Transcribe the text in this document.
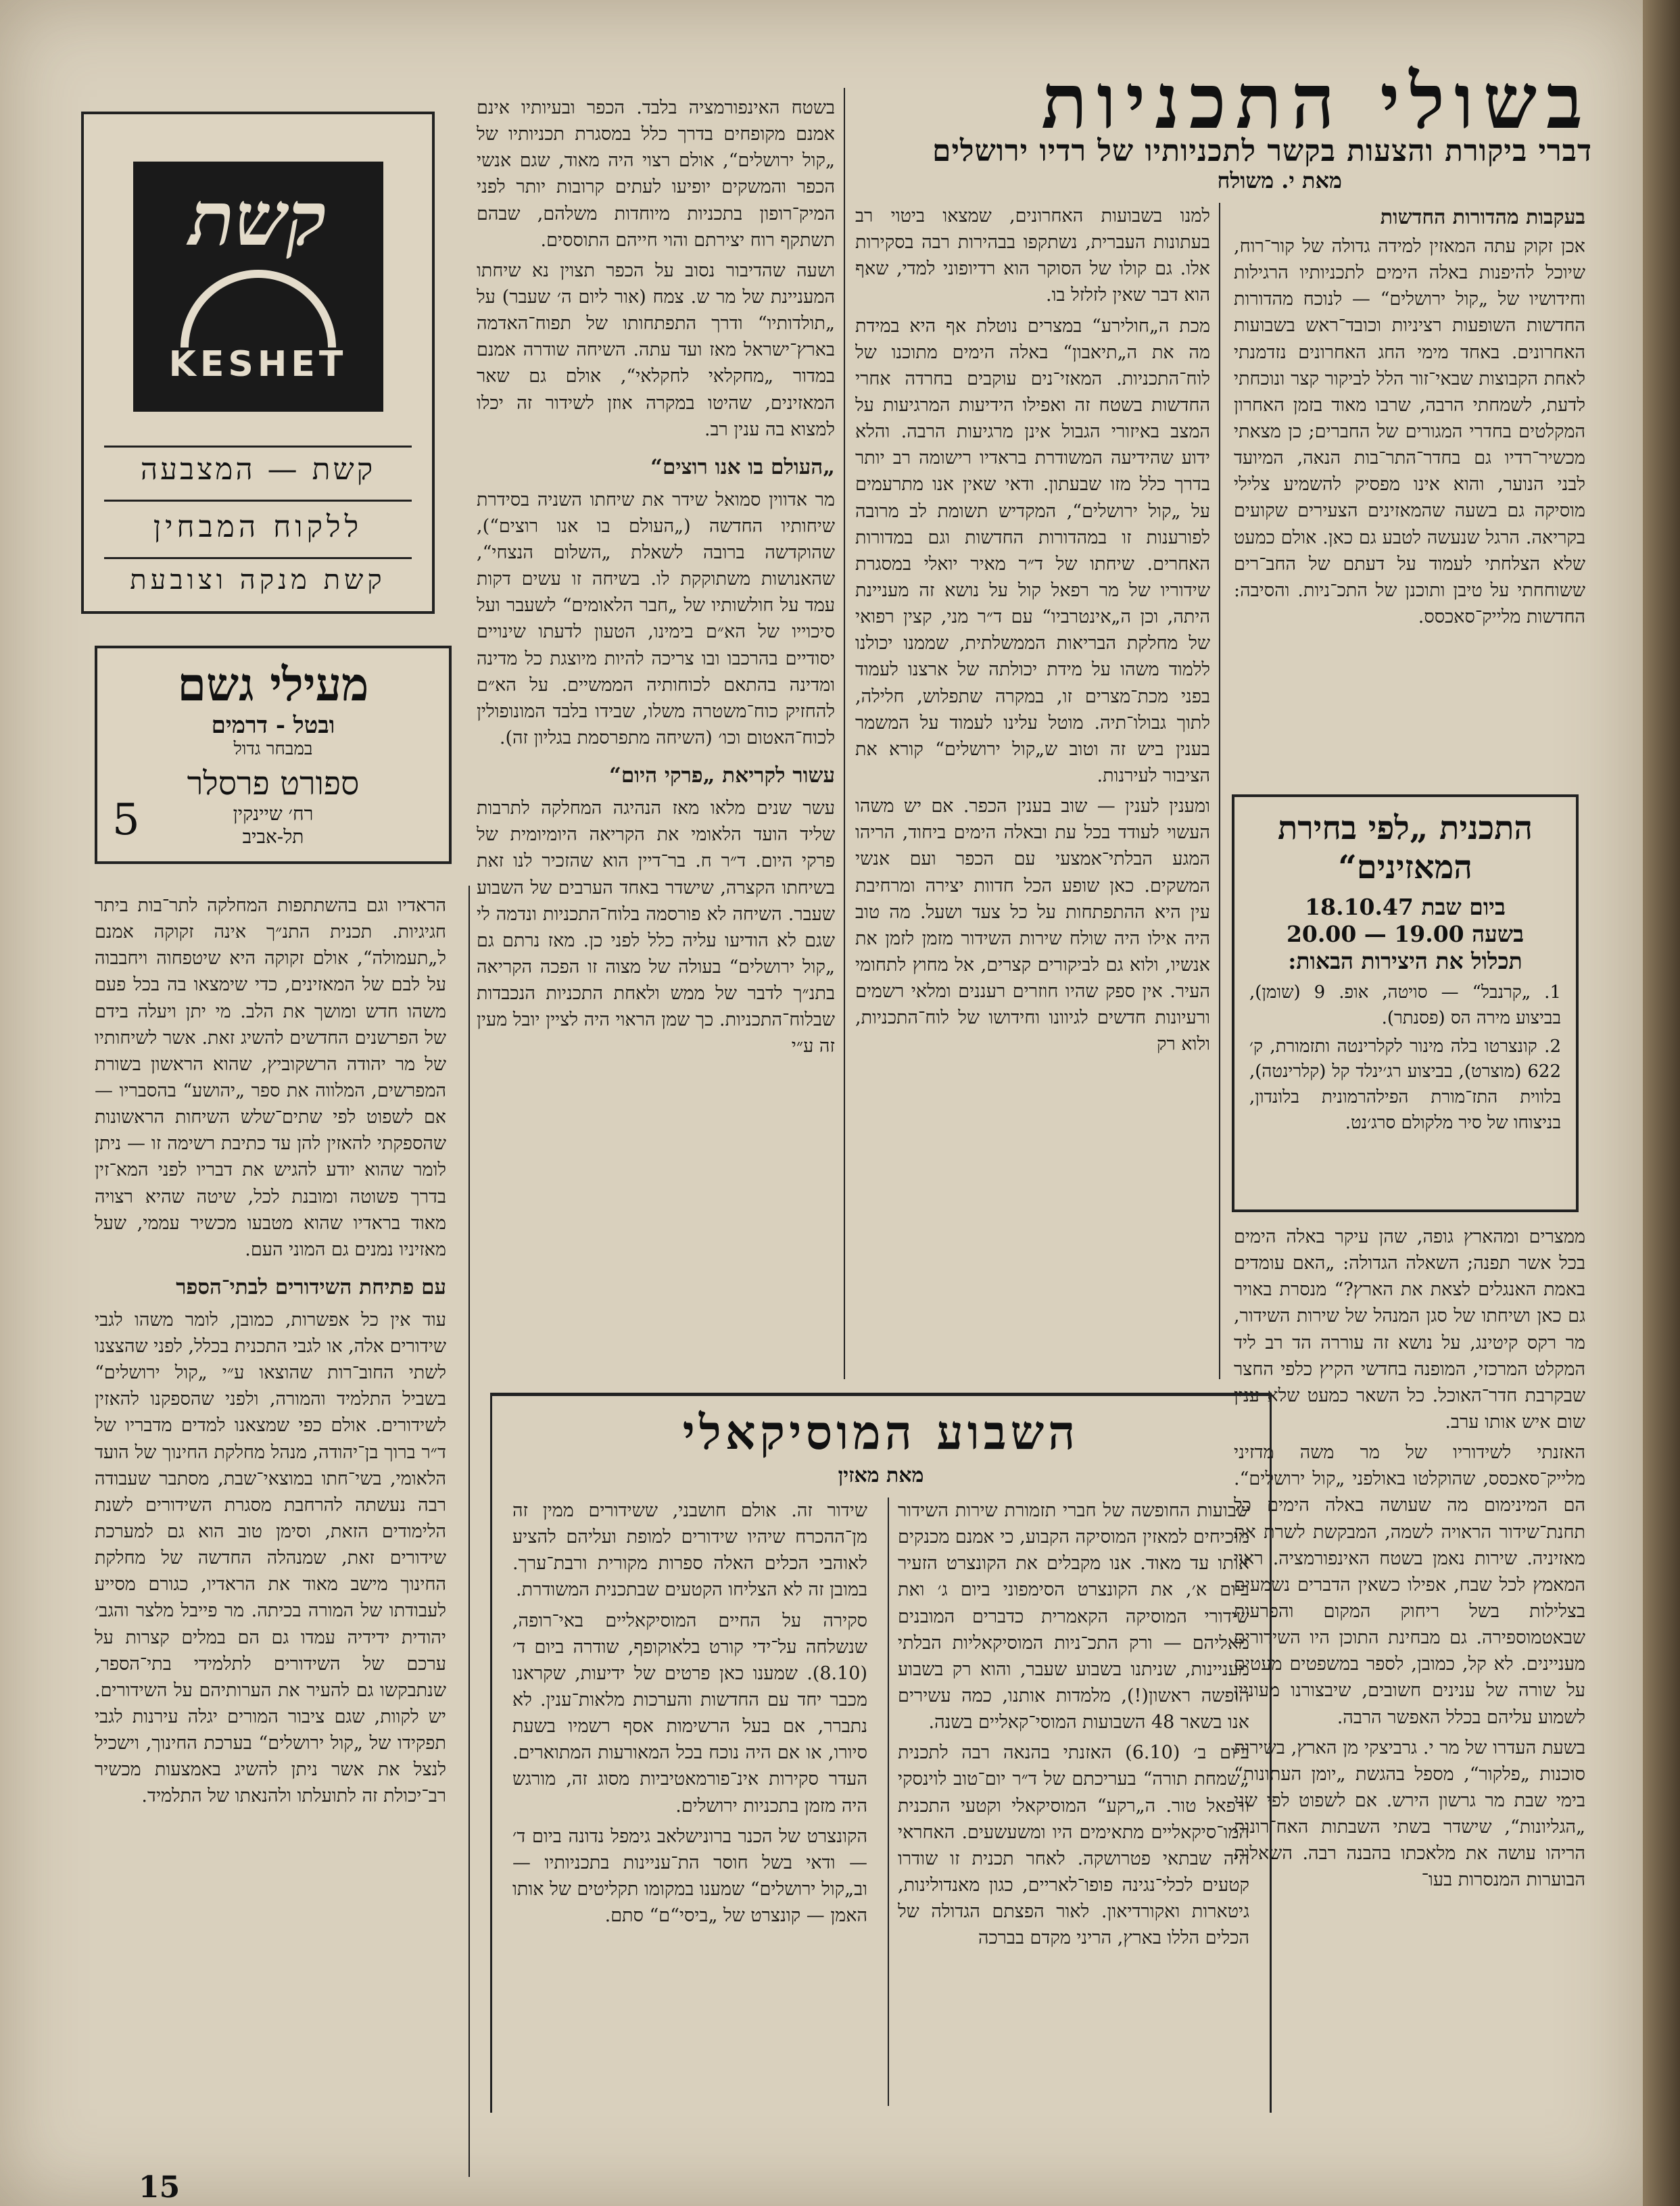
בשולי התכניות
דברי ביקורת והצעות בקשר לתכניותיו של רדיו ירושלים
מאת י. משולח

בעקבות מהדורות החדשות

התכנית „לפי בחירת המאזינים“
ביום שבת 18.10.47
בשעה 19.00 — 20.00
תכלול את היצירות הבאות:
1. „קרנבל“ — סויטה, אופ. 9 (שומן), בביצוע מירה הס (פסנתר).
2. קונצרטו בלה מינור לקלרינטה ותזמורת, ק׳ 622 (מוצרט), בביצוע רג׳ינלד קל (קלרינטה), בלווית התז־מורת הפילהרמונית בלונדון, בניצוחו של סיר מלקולם סרג׳נט.

אכן זקוק עתה המאזין למידה גדולה של קור־רוח, שיוכל להיפנות באלה הימים לתכניותיו הרגילות וחידושיו של „קול ירושלים“ — לנוכח מהדורות החדשות השופעות רציניות וכובד־ראש בשבועות האחרונים. באחד מימי החג האחרונים נזדמנתי לאחת הקבוצות שבאי־זור הלל לביקור קצר ונוכחתי לדעת, לשמחתי הרבה, שרבו מאוד בזמן האחרון המקלטים בחדרי המגורים של החברים; כן מצאתי מכשיר־רדיו גם בחדר־התר־בות הנאה, המיועד לבני הנוער, והוא אינו מפסיק להשמיע צלילי מוסיקה גם בשעה שהמאזינים הצעירים שקועים בקריאה. הרגל שנעשה לטבע גם כאן. אולם כמעט שלא הצלחתי לעמוד על דעתם של החב־רים ששוחחתי על טיבן ותוכנן של התכ־ניות. והסיבה: החדשות מלייק־סאכסס.

ממצרים ומהארץ גופה, שהן עיקר באלה הימים בכל אשר תפנה; השאלה הגדולה: „האם עומדים באמת האנגלים לצאת את הארץ?“ מנסרת באויר גם כאן ושיחתו של סגן המנהל של שירות השידור, מר רקס קיטינג, על נושא זה עוררה הד רב ליד המקלט המרכזי, המופנה בחדשי הקיץ כלפי החצר שבקרבת חדר־האוכל. כל השאר כמעט שלא ענין שום איש אותו ערב.

האזנתי לשידוריו של מר משה מדזיני מלייק־סאכסס, שהוקלטו באולפני „קול ירושלים“. הם המינימום מה שעושה באלה הימים כל תחנת־שידור הראויה לשמה, המבקשת לשרת את מאזיניה. שירות נאמן בשטח האינפורמציה. ראוי המאמץ לכל שבח, אפילו כשאין הדברים נשמעים בצלילות בשל ריחוק המקום והפרעות שבאטמוספירה. גם מבחינת התוכן היו השידורים מעניינים. לא קל, כמובן, לספר במשפטים מעטים על שורה של ענינים חשובים, שיבצורנו מעוניין לשמוע עליהם בכלל האפשר הרבה.

בשעת העדרו של מר י. גרביצקי מן הארץ, בשירות סוכנות „פלקור“, מספל בהגשת „יומן העתונות“ בימי שבת מר גרשון הירש. אם לשפוט לפי שני „הגליונות“, שישדר בשתי השבתות האח־רונות הריהו עושה את מלאכתו בהבנה רבה. השאלות הבוערות המנסרות בעו־

למנו בשבועות האחרונים, שמצאו ביטוי רב בעתונות העברית, נשתקפו בבהירות רבה בסקירות אלו. גם קולו של הסוקר הוא רדיופוני למדי, שאף הוא דבר שאין לזלזל בו.

מכת ה„חולירע“ במצרים נוטלת אף היא במידת מה את ה„תיאבון“ באלה הימים מתוכנו של לוח־התכניות. המאזי־נים עוקבים בחרדה אחרי החדשות בשטח זה ואפילו הידיעות המרגיעות על המצב באיזורי הגבול אינן מרגיעות הרבה. והלא ידוע שהידיעה המשודרת בראדיו רישומה רב יותר בדרך כלל מזו שבעתון. ודאי שאין אנו מתרעמים על „קול ירושלים“, המקדיש תשומת לב מרובה לפורענות זו במהדורות החדשות וגם במדורות האחרים. שיחתו של ד״ר מאיר יואלי במסגרת שידוריו של מר רפאל קול על נושא זה מעניינת היתה, וכן ה„אינטרביו“ עם ד״ר מני, קצין רפואי של מחלקת הבריאות הממשלתית, שממנו יכולנו ללמוד משהו על מידת יכולתה של ארצנו לעמוד בפני מכת־מצרים זו, במקרה שתפלוש, חלילה, לתוך גבולו־תיה. מוטל עלינו לעמוד על המשמר בענין ביש זה וטוב ש„קול ירושלים“ קורא את הציבור לעירנות.

ומענין לענין — שוב בענין הכפר. אם יש משהו העשוי לעודד בכל עת ובאלה הימים ביחוד, הריהו המגע הבלתי־אמצעי עם הכפר ועם אנשי המשקים. כאן שופע הכל חדוות יצירה ומרחיבת עין היא ההתפתחות על כל צעד ושעל. מה טוב היה אילו היה שולח שירות השידור מזמן לזמן את אנשיו, ולוא גם לביקורים קצרים, אל מחוץ לתחומי העיר. אין ספק שהיו חוזרים רעננים ומלאי רשמים ורעיונות חדשים לגיוונו וחידושו של לוח־התכניות, ולוא רק

בשטח האינפורמציה בלבד. הכפר ובעיותיו אינם אמנם מקופחים בדרך כלל במסגרת תכניותיו של „קול ירושלים“, אולם רצוי היה מאוד, שגם אנשי הכפר והמשקים יופיעו לעתים קרובות יותר לפני המיק־רופון בתכניות מיוחדות משלהם, שבהם תשתקף רוח יצירתם והוי חייהם התוססים.

ושעה שהדיבור נסוב על הכפר תצוין נא שיחתו המעניינת של מר ש. צמח (אור ליום ה׳ שעבר) על „תולדותיו“ ודרך התפתחותו של תפוח־האדמה בארץ־ישראל מאז ועד עתה. השיחה שודרה אמנם במדור „מחקלאי לחקלאי“, אולם גם שאר המאזינים, שהיטו במקרה אוזן לשידור זה יכלו למצוא בה ענין רב.

„העולם בו אנו רוצים“

מר אדווין סמואל שידר את שיחתו השניה בסידרת שיחותיו החדשה („העולם בו אנו רוצים“), שהוקדשה ברובה לשאלת „השלום הנצחי“, שהאנושות משתוקקת לו. בשיחה זו עשים דקות עמד על חולשותיו של „חבר הלאומים“ לשעבר ועל סיכוייו של הא״ם בימינו, הטעון לדעתו שינויים יסודיים בהרכבו ובו צריכה להיות מיוצגת כל מדינה ומדינה בהתאם לכוחותיה הממשיים. על הא״ם להחזיק כוח־משטרה משלו, שבידו בלבד המונופולין לכוח־האטום וכו׳ (השיחה מתפרסמת בגליון זה).

עשור לקריאת „פרקי היום“

עשר שנים מלאו מאז הנהיגה המחלקה לתרבות שליד הועד הלאומי את הקריאה היומיומית של פרקי היום. ד״ר ח. בר־דיין הוא שהזכיר לנו זאת בשיחתו הקצרה, שישדר באחד הערבים של השבוע שעבר. השיחה לא פורסמה בלוח־התכניות ונדמה לי שגם לא הודיעו עליה כלל לפני כן. מאז נרתם גם „קול ירושלים“ בעולה של מצוה זו הפכה הקריאה בתנ״ך לדבר של ממש ולאחת התכניות הנכבדות שבלוח־התכניות. כך שמן הראוי היה לציין יובל מעין זה ע״י

קשת
KESHET
קשת — המצבעה
ללקוח המבחין
קשת מנקה וצובעת
מעילי גשם
ובטל - דרמים
במבחר גדול
ספורט פרסלר
רח׳ שיינקין
תל-אביב
5

הראדיו וגם בהשתתפות המחלקה לתר־בות ביתר חגיגיות. תכנית התנ״ך אינה זקוקה אמנם ל„תעמולה“, אולם זקוקה היא שיטפחוה ויחבבוה על לבם של המאזינים, כדי שימצאו בה בכל פעם משהו חדש ומושך את הלב. מי יתן ויעלה בידם של הפרשנים החדשים להשיג זאת. אשר לשיחותיו של מר יהודה הרשקוביץ, שהוא הראשון בשורת המפרשים, המלווה את ספר „יהושע“ בהסבריו — אם לשפוט לפי שתים־שלש השיחות הראשונות שהספקתי להאזין להן עד כתיבת רשימה זו — ניתן לומר שהוא יודע להגיש את דבריו לפני המא־זין בדרך פשוטה ומובנת לכל, שיטה שהיא רצויה מאוד בראדיו שהוא מטבעו מכשיר עממי, שעל מאזיניו נמנים גם המוני העם.

עם פתיחת השידורים לבתי־הספר

עוד אין כל אפשרות, כמובן, לומר משהו לגבי שידורים אלה, או לגבי התכנית בכלל, לפני שהצצנו לשתי החוב־רות שהוצאו ע״י „קול ירושלים“ בשביל התלמיד והמורה, ולפני שהספקנו להאזין לשידורים. אולם כפי שמצאנו למדים מדבריו של ד״ר ברוך בן־יהודה, מנהל מחלקת החינוך של הועד הלאומי, בשי־חתו במוצאי־שבת, מסתבר שעבודה רבה נעשתה להרחבת מסגרת השידורים לשנת הלימודים הזאת, וסימן טוב הוא גם למערכת שידורים זאת, שמנהלה החדשה של מחלקת החינוך מישב מאוד את הראדיו, כגורם מסייע לעבודתו של המורה בכיתה. מר פייבל מלצר והגב׳ יהודית ידידיה עמדו גם הם במלים קצרות על ערכם של השידורים לתלמידי בתי־הספר, שנתבקשו גם להעיר את הערותיהם על השידורים. יש לקוות, שגם ציבור המורים יגלה עירנות לגבי תפקידו של „קול ירושלים“ בערכת החינוך, וישכיל לנצל את אשר ניתן להשיג באמצעות מכשיר רב־יכולת זה לתועלתו ולהנאתו של התלמיד.

השבוע המוסיקאלי
מאת מאזין

שבועות החופשה של חברי תזמורת שירות השידור מוכיחים למאזין המוסיקה הקבוע, כי אמנם מכנקים אותו עד מאוד. אנו מקבלים את הקונצרט הזעיר ביום א׳, את הקונצרט הסימפוני ביום ג׳ ואת שידורי המוסיקה הקאמרית כדברים המובנים מאליהם — ורק התכ־ניות המוסיקאליות הבלתי מעניינות, שניתנו בשבוע שעבר, והוא רק בשבוע הופשה ראשון(!), מלמדות אותנו, כמה עשירים אנו בשאר 48 השבועות המוסי־קאליים בשנה.

ביום ב׳ (6.10) האזנתי בהנאה רבה לתכנית „שמחת תורה“ בעריכתם של ד״ר יום־טוב לוינסקי ורפאל טור. ה„רקע“ המוסיקאלי וקטעי התכנית המו־סיקאליים מתאימים היו ומשעשעים. האחראי היה שבתאי פטרושקה. לאחר תכנית זו שודרו קטעים לכלי־נגינה פופו־לאריים, כגון מאנדולינות, גיטארות ואקורדיאון. לאור הפצתם הגדולה של הכלים הללו בארץ, הריני מקדם בברכה

שידור זה. אולם חושבני, ששידורים ממין זה מן־ההכרח שיהיו שידורים למופת ועליהם להציע לאוהבי הכלים האלה ספרות מקורית ורבת־ערך. במובן זה לא הצליחו הקטעים שבתכנית המשודרת.

סקירה על החיים המוסיקאליים באי־רופה, שנשלחה על־ידי קורט בלאוקופף, שודרה ביום ד׳ (8.10). שמענו כאן פרטים של ידיעות, שקראנו מכבר יחד עם החדשות והערכות מלאות־ענין. לא נתברר, אם בעל הרשימות אסף רשמיו בשעת סיורו, או אם היה נוכח בכל המאורעות המתוארים. העדר סקירות אינ־פורמאטיביות מסוג זה, מורגש היה מזמן בתכניות ירושלים.

הקונצרט של הכנר ברונישלאב גימפל נדונה ביום ד׳ — ודאי בשל חוסר הת־עניינות בתכניותיו — וב„קול ירושלים“ שמענו במקומו תקליטים של אותו האמן — קונצרט של „ביסי“ם“ סתם.

15
